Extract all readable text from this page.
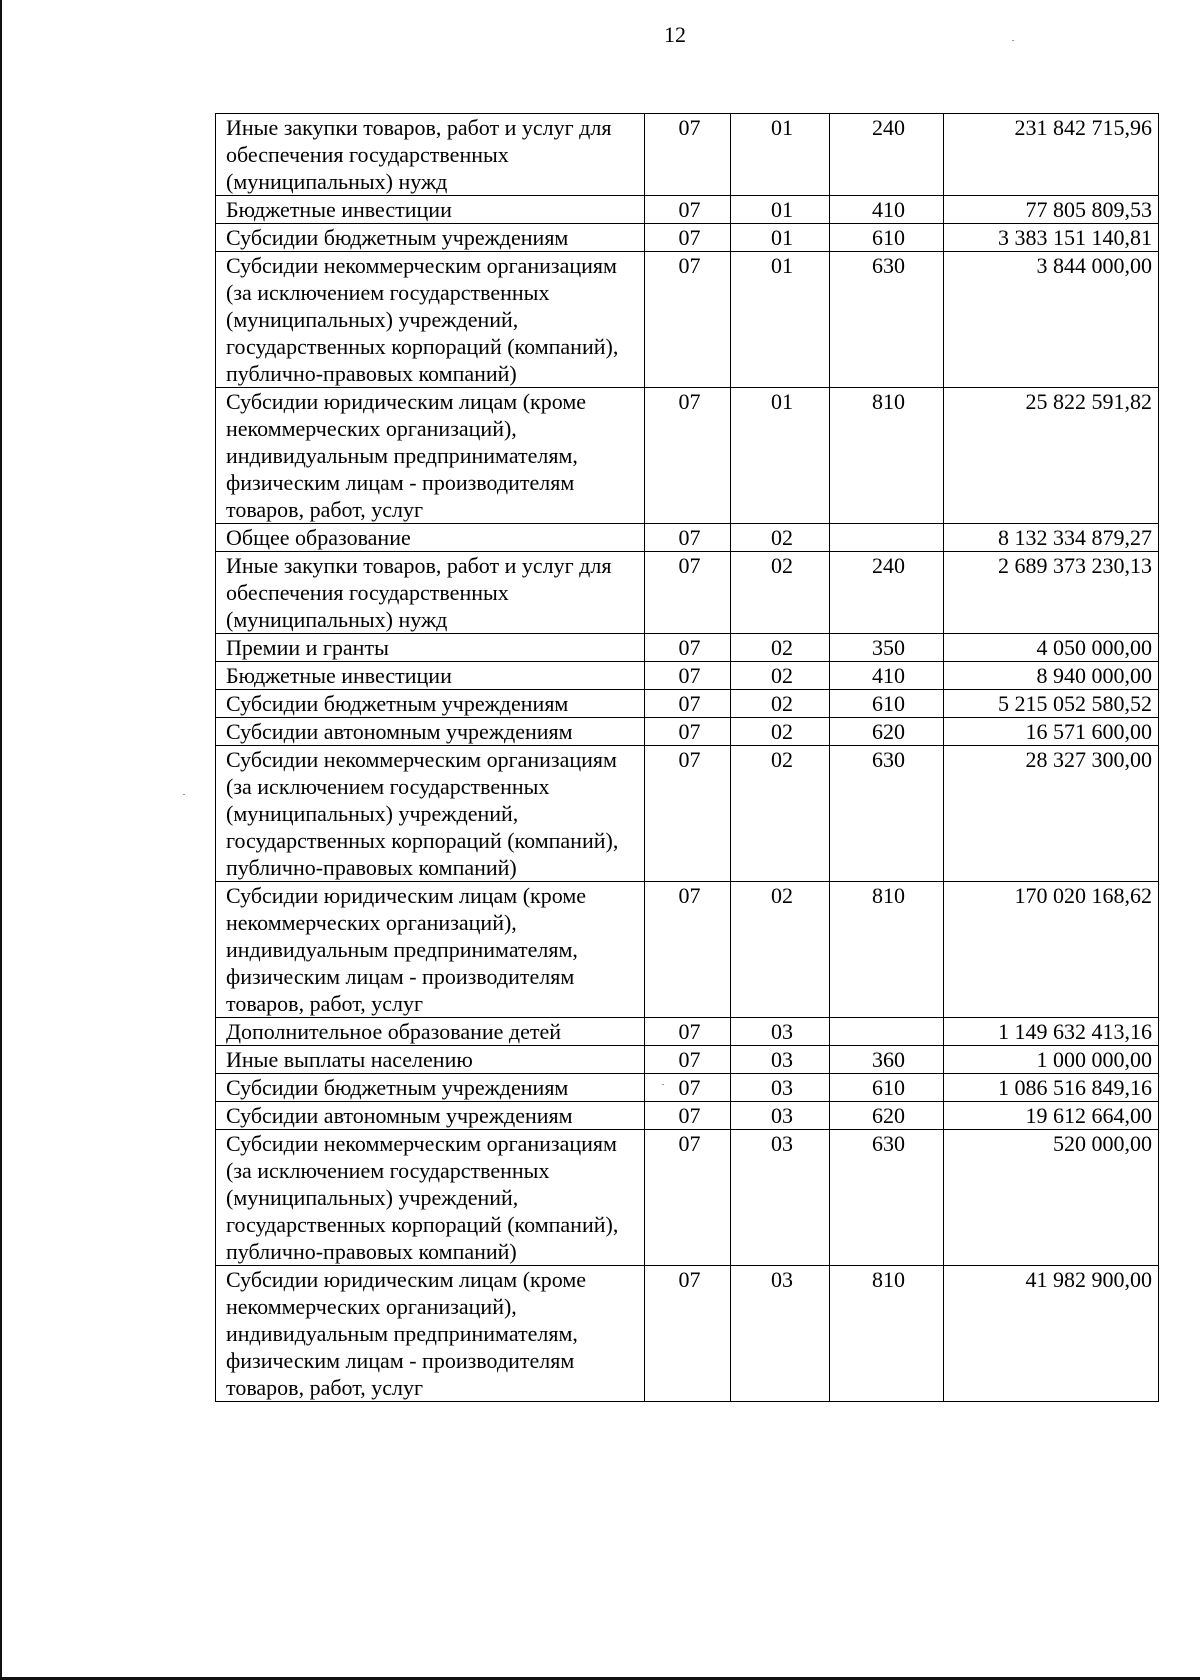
12
Иные закупки товаров, работ и услуг для обеспечения государственных (муниципальных) нужд	07	01	240	231 842 715,96
Бюджетные инвестиции	07	01	410	77 805 809,53
Субсидии бюджетным учреждениям	07	01	610	3 383 151 140,81
Субсидии некоммерческим организациям (за исключением государственных (муниципальных) учреждений, государственных корпораций (компаний), публично-правовых компаний)	07	01	630	3 844 000,00
Субсидии юридическим лицам (кроме некоммерческих организаций), индивидуальным предпринимателям, физическим лицам - производителям товаров, работ, услуг	07	01	810	25 822 591,82
Общее образование	07	02		8 132 334 879,27
Иные закупки товаров, работ и услуг для обеспечения государственных (муниципальных) нужд	07	02	240	2 689 373 230,13
Премии и гранты	07	02	350	4 050 000,00
Бюджетные инвестиции	07	02	410	8 940 000,00
Субсидии бюджетным учреждениям	07	02	610	5 215 052 580,52
Субсидии автономным учреждениям	07	02	620	16 571 600,00
Субсидии некоммерческим организациям (за исключением государственных (муниципальных) учреждений, государственных корпораций (компаний), публично-правовых компаний)	07	02	630	28 327 300,00
Субсидии юридическим лицам (кроме некоммерческих организаций), индивидуальным предпринимателям, физическим лицам - производителям товаров, работ, услуг	07	02	810	170 020 168,62
Дополнительное образование детей	07	03		1 149 632 413,16
Иные выплаты населению	07	03	360	1 000 000,00
Субсидии бюджетным учреждениям	07	03	610	1 086 516 849,16
Субсидии автономным учреждениям	07	03	620	19 612 664,00
Субсидии некоммерческим организациям (за исключением государственных (муниципальных) учреждений, государственных корпораций (компаний), публично-правовых компаний)	07	03	630	520 000,00
Субсидии юридическим лицам (кроме некоммерческих организаций), индивидуальным предпринимателям, физическим лицам - производителям товаров, работ, услуг	07	03	810	41 982 900,00
